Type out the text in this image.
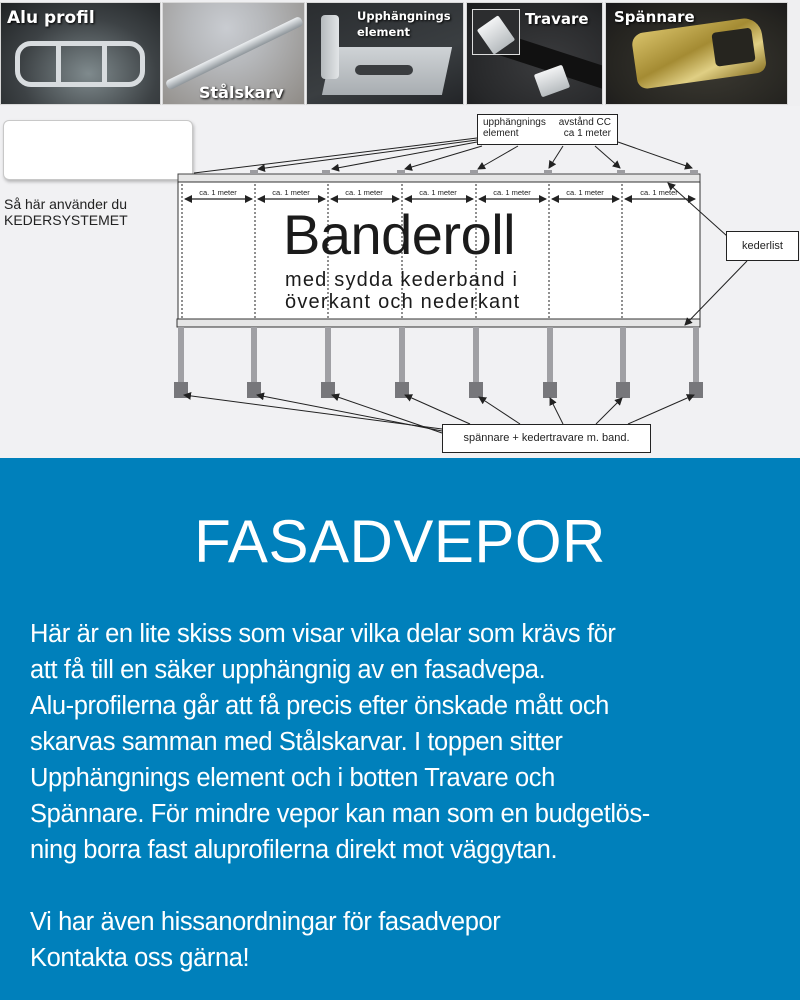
Alu profil
Stålskarv
Upphängnings
element
Travare Spännare
Så här använder du
KEDERSYSTEMET
ca. 1 meter	ca. 1 meter	ca. 1 meter	ca. 1 meter	ca. 1 meter	ca. 1 meter	ca. 1 meter
Banderoll
med sydda kederband i
överkant och nederkant
upphängnings
element
avstånd CC
ca 1 meter
kederlist
spännare + kedertravare m. band.
FASADVEPOR

Här är en lite skiss som visar vilka delar som krävs för

att få till en säker upphängnig av en fasadvepa.

Alu-profilerna går att få precis efter önskade mått och

skarvas samman med Stålskarvar. I toppen sitter

Upphängnings element och i botten Travare och

Spännare. För mindre vepor kan man som en budgetlös-

ning borra fast aluprofilerna direkt mot väggytan.

Vi har även hissanordningar för fasadvepor

Kontakta oss gärna!
